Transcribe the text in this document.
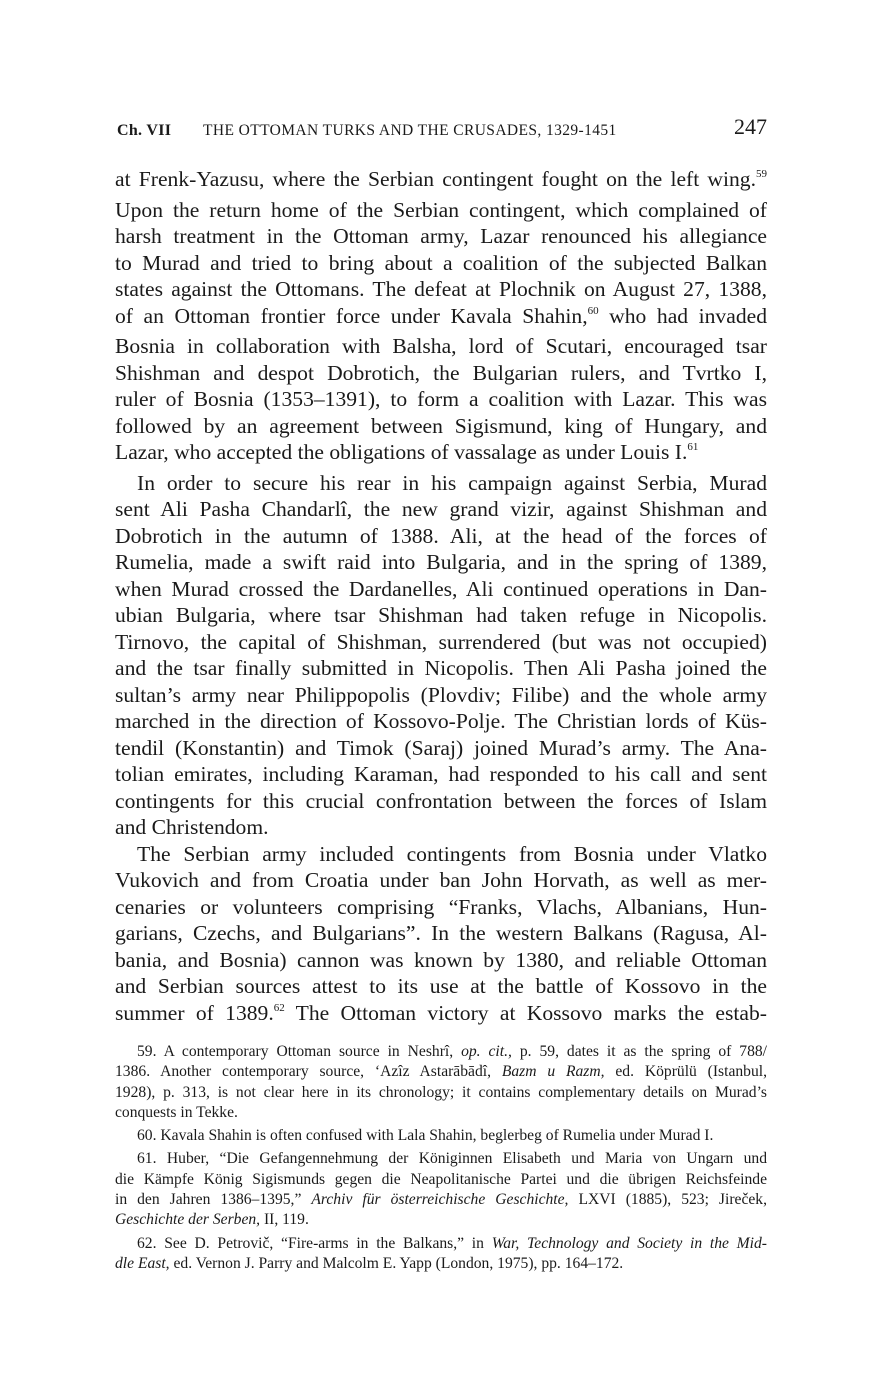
Ch. VII THE OTTOMAN TURKS AND THE CRUSADES, 1329-1451	247
at Frenk-Yazusu, where the Serbian contingent fought on the left wing.$^{59}$
Upon the return home of the Serbian contingent, which complained of
harsh treatment in the Ottoman army, Lazar renounced his allegiance
to Murad and tried to bring about a coalition of the subjected Balkan
states against the Ottomans. The defeat at Plochnik on August 27, 1388,
of an Ottoman frontier force under Kavala Shahin,$^{60}$ who had invaded
Bosnia in collaboration with Balsha, lord of Scutari, encouraged tsar
Shishman and despot Dobrotich, the Bulgarian rulers, and Tvrtko I,
ruler of Bosnia (1353–1391), to form a coalition with Lazar. This was
followed by an agreement between Sigismund, king of Hungary, and
Lazar, who accepted the obligations of vassalage as under Louis I.$^{61}$
In order to secure his rear in his campaign against Serbia, Murad
sent Ali Pasha Chandarlî, the new grand vizir, against Shishman and
Dobrotich in the autumn of 1388. Ali, at the head of the forces of
Rumelia, made a swift raid into Bulgaria, and in the spring of 1389,
when Murad crossed the Dardanelles, Ali continued operations in Dan-
ubian Bulgaria, where tsar Shishman had taken refuge in Nicopolis.
Tirnovo, the capital of Shishman, surrendered (but was not occupied)
and the tsar finally submitted in Nicopolis. Then Ali Pasha joined the
sultan’s army near Philippopolis (Plovdiv; Filibe) and the whole army
marched in the direction of Kossovo-Polje. The Christian lords of Küs-
tendil (Konstantin) and Timok (Saraj) joined Murad’s army. The Ana-
tolian emirates, including Karaman, had responded to his call and sent
contingents for this crucial confrontation between the forces of Islam
and Christendom.
The Serbian army included contingents from Bosnia under Vlatko
Vukovich and from Croatia under ban John Horvath, as well as mer-
cenaries or volunteers comprising “Franks, Vlachs, Albanians, Hun-
garians, Czechs, and Bulgarians”. In the western Balkans (Ragusa, Al-
bania, and Bosnia) cannon was known by 1380, and reliable Ottoman
and Serbian sources attest to its use at the battle of Kossovo in the
summer of 1389.62 The Ottoman victory at Kossovo marks the estab-
59. A contemporary Ottoman source in Neshrî, op. cit., p. 59, dates it as the spring of 788/
1386. Another contemporary source, ‘Azîz Astarābādî, Bazm u Razm, ed. Köprülü (Istanbul,
1928), p. 313, is not clear here in its chronology; it contains complementary details on Murad’s
conquests in Tekke.
60. Kavala Shahin is often confused with Lala Shahin, beglerbeg of Rumelia under Murad I.
61. Huber, “Die Gefangennehmung der Königinnen Elisabeth und Maria von Ungarn und
die Kämpfe König Sigismunds gegen die Neapolitanische Partei und die übrigen Reichsfeinde
in den Jahren 1386–1395,” Archiv für österreichische Geschichte, LXVI (1885), 523; Jireček,
Geschichte der Serben, II, 119.
62. See D. Petrovič, “Fire-arms in the Balkans,” in War, Technology and Society in the Mid-
dle East, ed. Vernon J. Parry and Malcolm E. Yapp (London, 1975), pp. 164–172.
